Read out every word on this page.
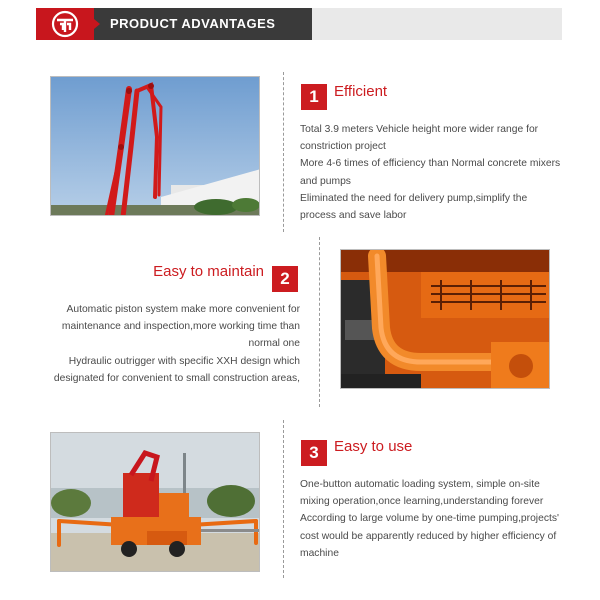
PRODUCT ADVANTAGES
1	Efficient

Total 3.9 meters Vehicle height more wider range for constriction project

More 4-6 times of efficiency than Normal concrete mixers and pumps

Eliminated the need for delivery pump,simplify the process and save labor

Easy to maintain 2

Automatic piston system make more convenient for maintenance and inspection,more working time than normal one

Hydraulic outrigger with specific XXH design which designated for convenient to small construction areas,

3	Easy to use

One-button automatic loading system, simple on-site mixing operation,once learning,understanding forever

According to large volume by one-time pumping,projects' cost would be apparently reduced by higher efficiency of machine
